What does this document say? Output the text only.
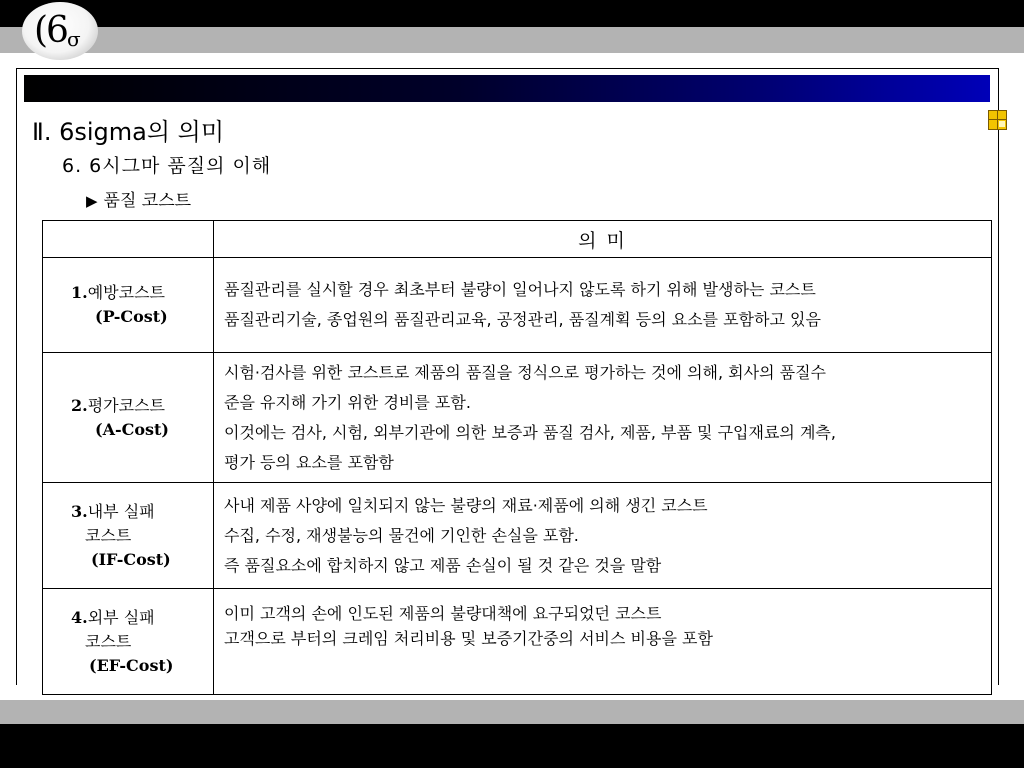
($6_\sigma$
Ⅱ. 6sigma의 의미
6. 6시그마 품질의 이해
▶ 품질 코스트
	의 미

1.예방코스트
(P-Cost)	품질관리를 실시할 경우 최초부터 불량이 일어나지 않도록 하기 위해 발생하는 코스트
품질관리기술, 종업원의 품질관리교육, 공정관리, 품질계획 등의 요소를 포함하고 있음

2.평가코스트
(A-Cost)	시험·검사를 위한 코스트로 제품의 품질을 정식으로 평가하는 것에 의해, 회사의 품질수
준을 유지해 가기 위한 경비를 포함.
이것에는 검사, 시험, 외부기관에 의한 보증과 품질 검사, 제품, 부품 및 구입재료의 계측,
평가 등의 요소를 포함함

3.내부 실패
코스트
(IF-Cost)	사내 제품 사양에 일치되지 않는 불량의 재료·제품에 의해 생긴 코스트
수집, 수정, 재생불능의 물건에 기인한 손실을 포함.
즉 품질요소에 합치하지 않고 제품 손실이 될 것 같은 것을 말함

4.외부 실패
코스트
(EF-Cost)	이미 고객의 손에 인도된 제품의 불량대책에 요구되었던 코스트
고객으로 부터의 크레임 처리비용 및 보증기간중의 서비스 비용을 포함
